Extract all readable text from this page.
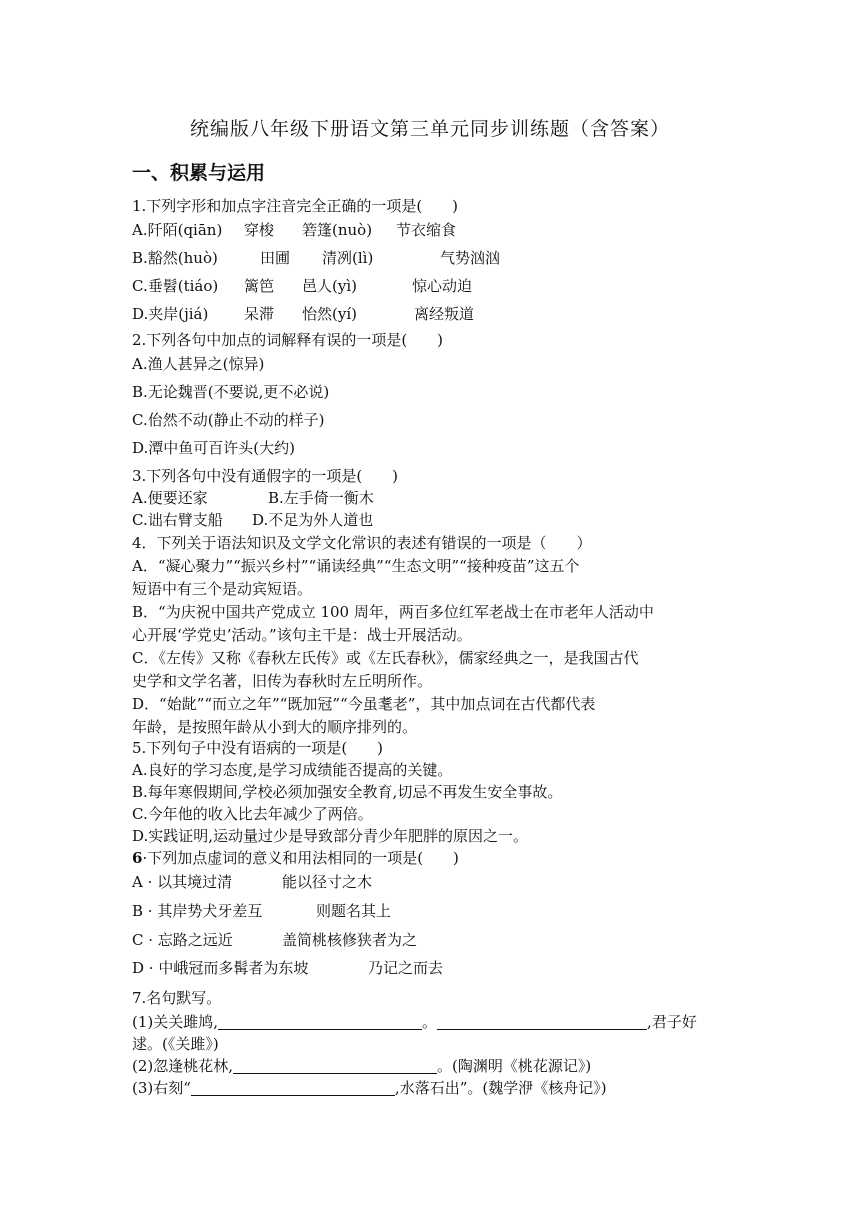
统编版八年级下册语文第三单元同步训练题（含答案）
一、积累与运用
1.下列字形和加点字注音完全正确的一项是(　　)
A.阡陌(qiān) 穿梭 箬篷(nuò) 节衣缩食
B.豁然(huò)	田圃 清冽(lì)	气势汹汹
C.垂髫(tiáo) 篱笆 邑人(yì)	惊心动迫
D.夹岸(jiá) 呆滞 怡然(yí)	离经叛道
2.下列各句中加点的词解释有误的一项是(　　)
A.渔人甚异之(惊异)
B.无论魏晋(不要说,更不必说)
C.佁然不动(静止不动的样子)
D.潭中鱼可百许头(大约)
3.下列各句中没有通假字的一项是(　　)
A.便要还家	B.左手倚一衡木
C.诎右臂支船 D.不足为外人道也
4．下列关于语法知识及文学文化常识的表述有错误的一项是（　　）
A．“凝心聚力”“振兴乡村”“诵读经典”“生态文明”“接种疫苗”这五个
短语中有三个是动宾短语。
B．“为庆祝中国共产党成立 100 周年，两百多位红军老战士在市老年人活动中
心开展‘学党史’活动。”该句主干是：战士开展活动。
C．《左传》又称《春秋左氏传》或《左氏春秋》，儒家经典之一，是我国古代
史学和文学名著，旧传为春秋时左丘明所作。
D．“始龀”“而立之年”“既加冠”“今虽耄老”，其中加点词在古代都代表
年龄，是按照年龄从小到大的顺序排列的。
5.下列句子中没有语病的一项是(　　)
A.良好的学习态度,是学习成绩能否提高的关键。
B.每年寒假期间,学校必须加强安全教育,切忌不再发生安全事故。
C.今年他的收入比去年减少了两倍。
D.实践证明,运动量过少是导致部分青少年肥胖的原因之一。
6·下列加点虚词的意义和用法相同的一项是(　　)
A · 以其境过清	能以径寸之木
B · 其岸势犬牙差互	则题名其上
C · 忘路之远近	盖简桃核修狭者为之
D · 中峨冠而多髯者为东坡	乃记之而去
7.名句默写。
(1)关关雎鸠,	。	,君子好
逑。(《关雎》)
(2)忽逢桃花林,	。(陶渊明《桃花源记》)
(3)右刻“	,水落石出”。(魏学洢《核舟记》)
